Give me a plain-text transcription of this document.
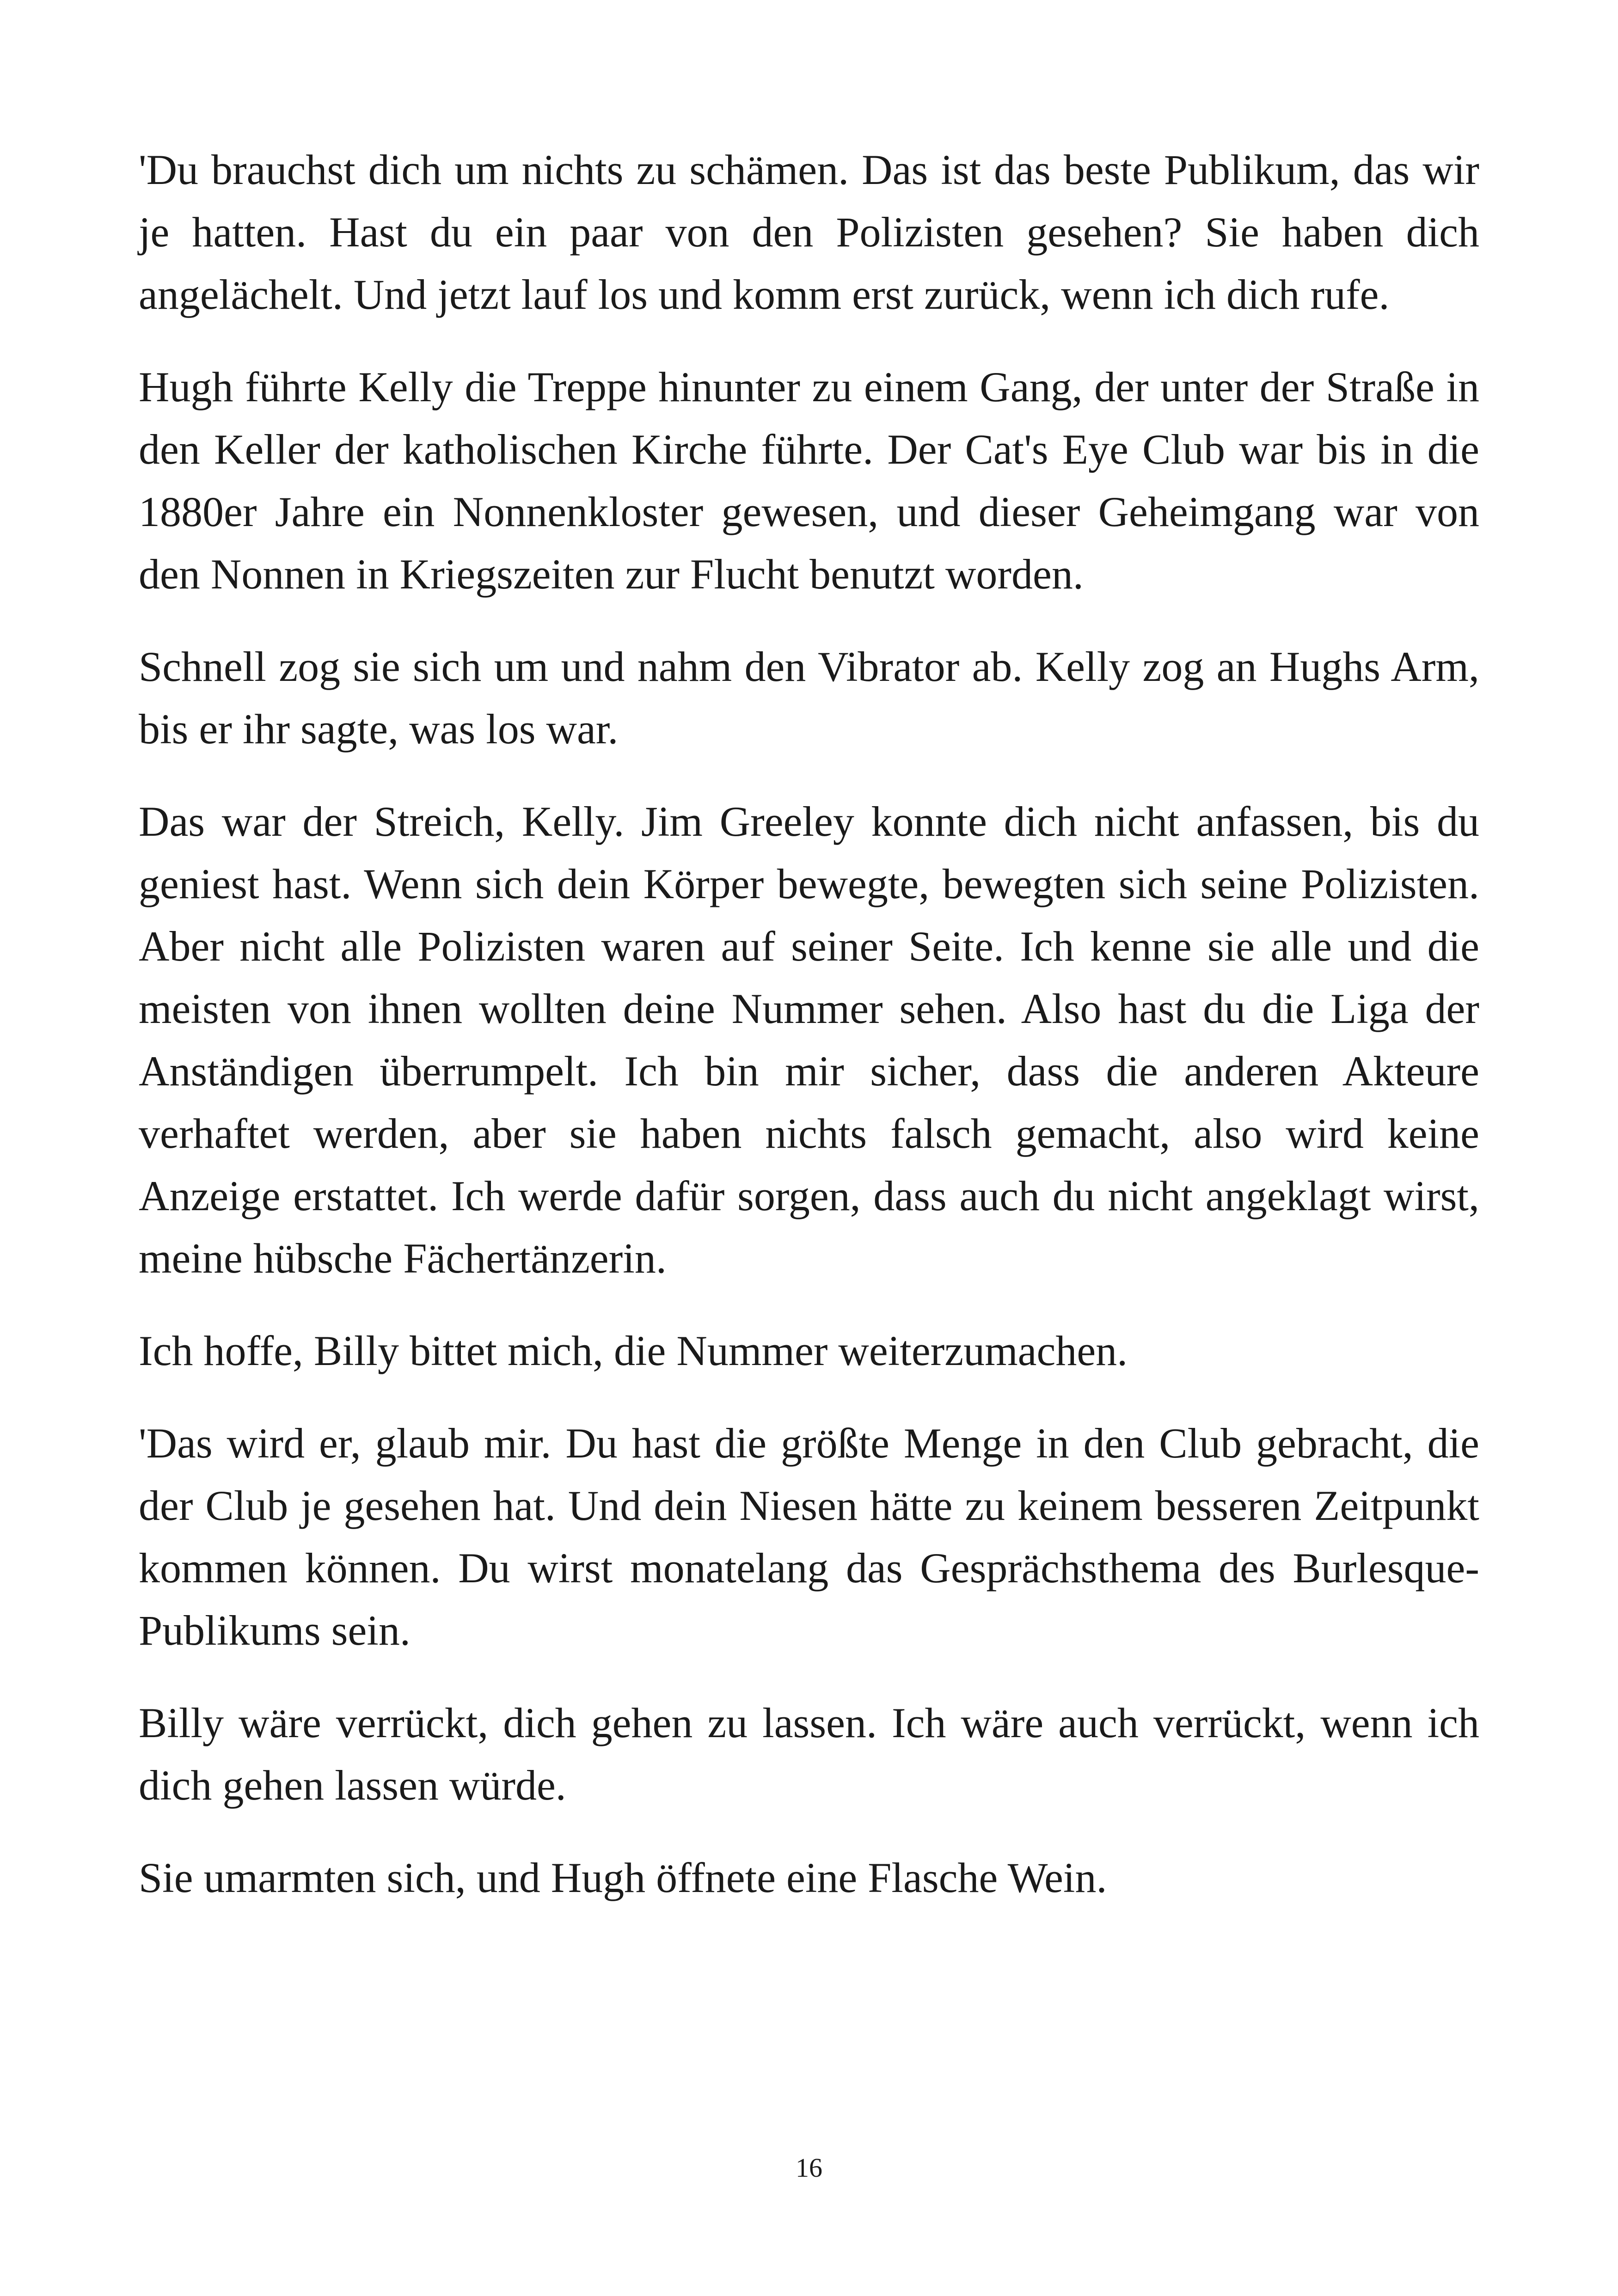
'Du brauchst dich um nichts zu schämen. Das ist das beste Publikum, das wir je hatten. Hast du ein paar von den Polizisten gesehen? Sie haben dich angelächelt. Und jetzt lauf los und komm erst zurück, wenn ich dich rufe.

Hugh führte Kelly die Treppe hinunter zu einem Gang, der unter der Straße in den Keller der katholischen Kirche führte. Der Cat's Eye Club war bis in die 1880er Jahre ein Nonnenkloster gewesen, und dieser Geheimgang war von den Nonnen in Kriegszeiten zur Flucht benutzt worden.

Schnell zog sie sich um und nahm den Vibrator ab. Kelly zog an Hughs Arm, bis er ihr sagte, was los war.

Das war der Streich, Kelly. Jim Greeley konnte dich nicht anfassen, bis du geniest hast. Wenn sich dein Körper bewegte, bewegten sich seine Polizisten. Aber nicht alle Polizisten waren auf seiner Seite. Ich kenne sie alle und die meisten von ihnen wollten deine Nummer sehen. Also hast du die Liga der Anständigen überrumpelt. Ich bin mir sicher, dass die anderen Akteure verhaftet werden, aber sie haben nichts falsch gemacht, also wird keine Anzeige erstattet. Ich werde dafür sorgen, dass auch du nicht angeklagt wirst, meine hübsche Fächertänzerin.

Ich hoffe, Billy bittet mich, die Nummer weiterzumachen.

'Das wird er, glaub mir. Du hast die größte Menge in den Club gebracht, die der Club je gesehen hat. Und dein Niesen hätte zu keinem besseren Zeitpunkt kommen können. Du wirst monatelang das Gesprächsthema des Burlesque-Publikums sein.

Billy wäre verrückt, dich gehen zu lassen. Ich wäre auch verrückt, wenn ich dich gehen lassen würde.

Sie umarmten sich, und Hugh öffnete eine Flasche Wein.

16
